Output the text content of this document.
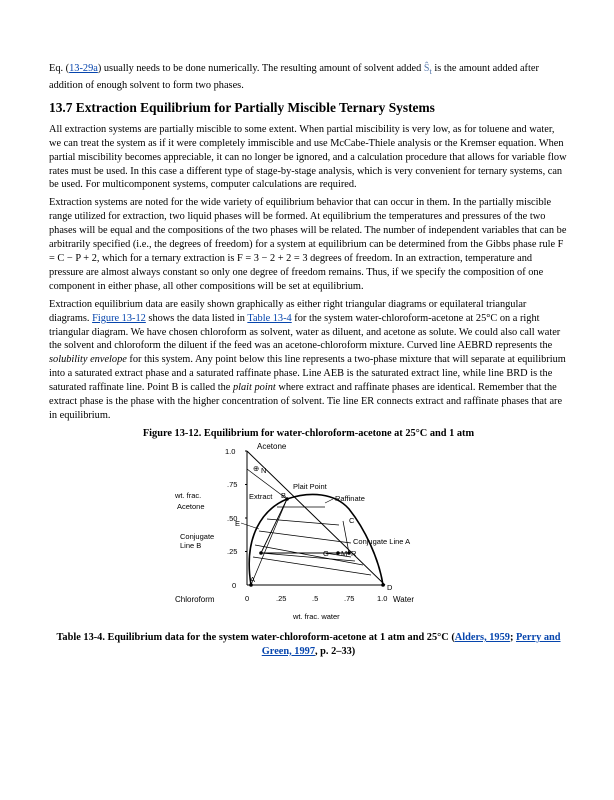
Eq. (13-29a) usually needs to be done numerically. The resulting amount of solvent added $Ŝ_t$ is the amount added after addition of enough solvent to form two phases.

13.7 Extraction Equilibrium for Partially Miscible Ternary Systems

All extraction systems are partially miscible to some extent. When partial miscibility is very low, as for toluene and water, we can treat the system as if it were completely immiscible and use McCabe-Thiele analysis or the Kremser equation. When partial miscibility becomes appreciable, it can no longer be ignored, and a calculation procedure that allows for variable flow rates must be used. In this case a different type of stage-by-stage analysis, which is very convenient for ternary systems, can be used. For multicomponent systems, computer calculations are required.

Extraction systems are noted for the wide variety of equilibrium behavior that can occur in them. In the partially miscible range utilized for extraction, two liquid phases will be formed. At equilibrium the temperatures and pressures of the two phases will be equal and the compositions of the two phases will be related. The number of independent variables that can be arbitrarily specified (i.e., the degrees of freedom) for a system at equilibrium can be determined from the Gibbs phase rule F = C − P + 2, which for a ternary extraction is F = 3 − 2 + 2 = 3 degrees of freedom. In an extraction, temperature and pressure are almost always constant so only one degree of freedom remains. Thus, if we specify the composition of one component in either phase, all other compositions will be set at equilibrium.

Extraction equilibrium data are easily shown graphically as either right triangular diagrams or equilateral triangular diagrams. Figure 13-12 shows the data listed in Table 13-4 for the system water-chloroform-acetone at 25°C on a right triangular diagram. We have chosen chloroform as solvent, water as diluent, and acetone as solute. We could also call water the solvent and chloroform the diluent if the feed was an acetone-chloroform mixture. Curved line AEBRD represents the solubility envelope for this system. Any point below this line represents a two-phase mixture that will separate at equilibrium into a saturated extract phase and a saturated raffinate phase. Line AEB is the saturated extract line, while line BRD is the saturated raffinate line. Point B is called the plait point where extract and raffinate phases are identical. Remember that the extract phase is the phase with the higher concentration of solvent. Tie line ER connects extract and raffinate phases that are in equilibrium.

Figure 13-12. Equilibrium for water-chloroform-acetone at 25°C and 1 atm

1.0
.75
.50
.25
0
0	.25	.5	.75	1.0
Acetone
wt. frac.
Acetone
Extract
Plait Point
Raffinate
Conjugate
Line B	Conjugate Line A
Chloroform	Water
wt. frac. water
⊕ N
B
C
E
G M R
A
D

Table 13-4. Equilibrium data for the system water-chloroform-acetone at 1 atm and 25°C (Alders, 1959; Perry and Green, 1997, p. 2–33)
